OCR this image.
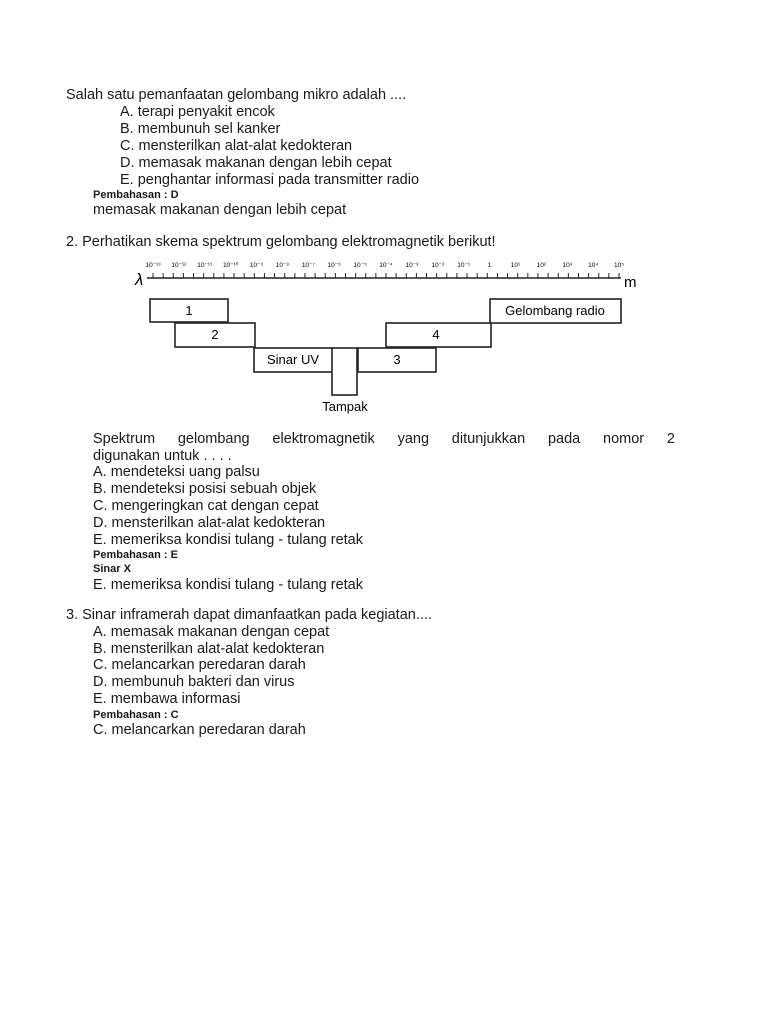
Salah satu pemanfaatan gelombang mikro adalah ....
A. terapi penyakit encok
B. membunuh sel kanker
C. mensterilkan alat-alat kedokteran
D. memasak makanan dengan lebih cepat
E. penghantar informasi pada transmitter radio
Pembahasan : D
memasak makanan dengan lebih cepat
2. Perhatikan skema spektrum gelombang elektromagnetik berikut!
λ
10⁻¹³ 10⁻¹² 10⁻¹¹ 10⁻¹⁰ 10⁻⁹ 10⁻⁸ 10⁻⁷ 10⁻⁶ 10⁻⁵ 10⁻⁴ 10⁻³ 10⁻² 10⁻¹	1	10¹	10²	10³ 10⁴ 10⁵
m
1
2
Sinar UV	3
4
Gelombang radio
Tampak
Spektrum gelombang elektromagnetik yang ditunjukkan pada nomor 2
digunakan untuk . . . .
A. mendeteksi uang palsu
B. mendeteksi posisi sebuah objek
C. mengeringkan cat dengan cepat
D. mensterilkan alat-alat kedokteran
E. memeriksa kondisi tulang - tulang retak
Pembahasan : E
Sinar X
E. memeriksa kondisi tulang - tulang retak
3. Sinar inframerah dapat dimanfaatkan pada kegiatan....
A. memasak makanan dengan cepat
B. mensterilkan alat-alat kedokteran
C. melancarkan peredaran darah
D. membunuh bakteri dan virus
E. membawa informasi
Pembahasan : C
C. melancarkan peredaran darah
